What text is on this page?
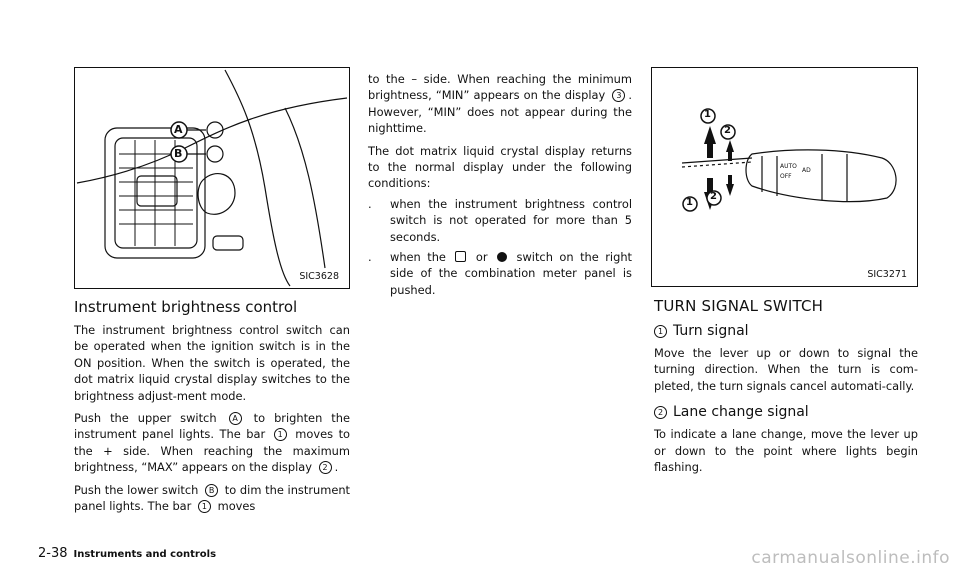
A
B
SIC3628
Instrument brightness control

The instrument brightness control switch can be operated when the ignition switch is in the ON position. When the switch is operated, the dot matrix liquid crystal display switches to the brightness adjust-ment mode.

Push the upper switch A to brighten the instrument panel lights. The bar 1 moves to the + side. When reaching the maximum brightness, “MAX” appears on the display 2 .

Push the lower switch B to dim the instrument panel lights. The bar 1 moves

to the – side. When reaching the minimum brightness, “MIN” appears on the display 3 . However, “MIN” does not appear during the nighttime.

The dot matrix liquid crystal display returns to the normal display under the following conditions:

.	when the instrument brightness control switch is not operated for more than 5 seconds.
.	when the	or	switch on the right side of the combination meter panel is pushed.
AUTO
OFF
AD
1
2
1
2
SIC3271
TURN SIGNAL SWITCH
1 Turn signal

Move the lever up or down to signal the turning direction. When the turn is com-pleted, the turn signals cancel automati-cally.

2 Lane change signal

To indicate a lane change, move the lever up or down to the point where lights begin flashing.

2-38 Instruments and controls	carmanualsonline.info
